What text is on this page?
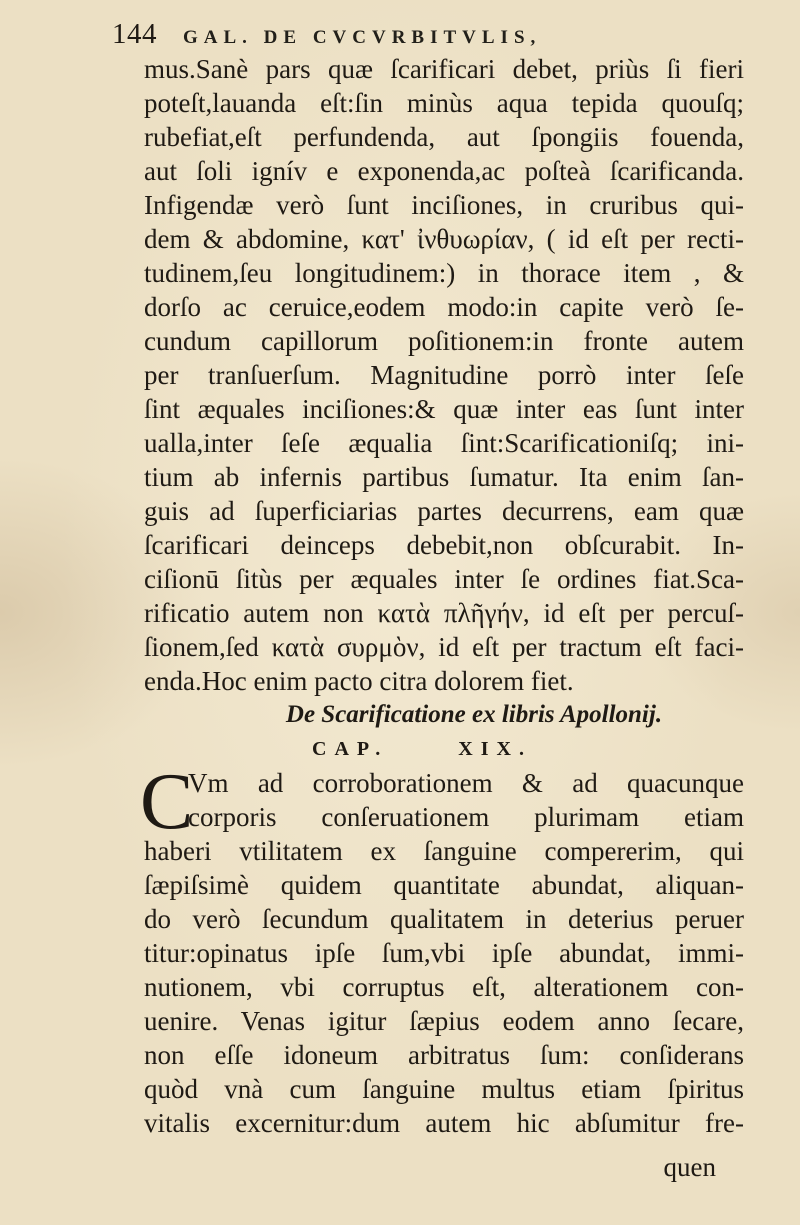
144 GAL. DE CVCVRBITVLIS,
mus.Sanè pars quæ ſcarificari debet, priùs ſi fieri
poteſt,lauanda eſt:ſin minùs aqua tepida quouſq;
rubefiat,eſt perfundenda, aut ſpongiis fouenda,
aut ſoli ignív e exponenda,ac poſteà ſcarificanda.
Infigendæ verò ſunt inciſiones, in cruribus qui-
dem & abdomine, κατ' ἰνθυωρίαν, ( id eſt per recti-
tudinem,ſeu longitudinem:) in thorace item , &
dorſo ac ceruice,eodem modo:in capite verò ſe-
cundum capillorum poſitionem:in fronte autem
per tranſuerſum. Magnitudine porrò inter ſeſe
ſint æquales inciſiones:& quæ inter eas ſunt inter
ualla,inter ſeſe æqualia ſint:Scarificationiſq; ini-
tium ab infernis partibus ſumatur. Ita enim ſan-
guis ad ſuperficiarias partes decurrens, eam quæ
ſcarificari deinceps debebit,non obſcurabit. In-
ciſionū ſitùs per æquales inter ſe ordines fiat.Sca-
rificatio autem non κατὰ πλῆγήν, id eſt per percuſ-
ſionem,ſed κατὰ συρμὸν, id eſt per tractum eſt faci-
enda.Hoc enim pacto citra dolorem fiet.
De Scarificatione ex libris Apollonij.
CAP.	XIX.
C
Vm ad corroborationem & ad quacunque
corporis conſeruationem plurimam etiam
haberi vtilitatem ex ſanguine compererim, qui
ſæpiſsimè quidem quantitate abundat, aliquan-
do verò ſecundum qualitatem in deterius peruer
titur:opinatus ipſe ſum,vbi ipſe abundat, immi-
nutionem, vbi corruptus eſt, alterationem con-
uenire. Venas igitur ſæpius eodem anno ſecare,
non eſſe idoneum arbitratus ſum: conſiderans
quòd vnà cum ſanguine multus etiam ſpiritus
vitalis excernitur:dum autem hic abſumitur fre-
quen
